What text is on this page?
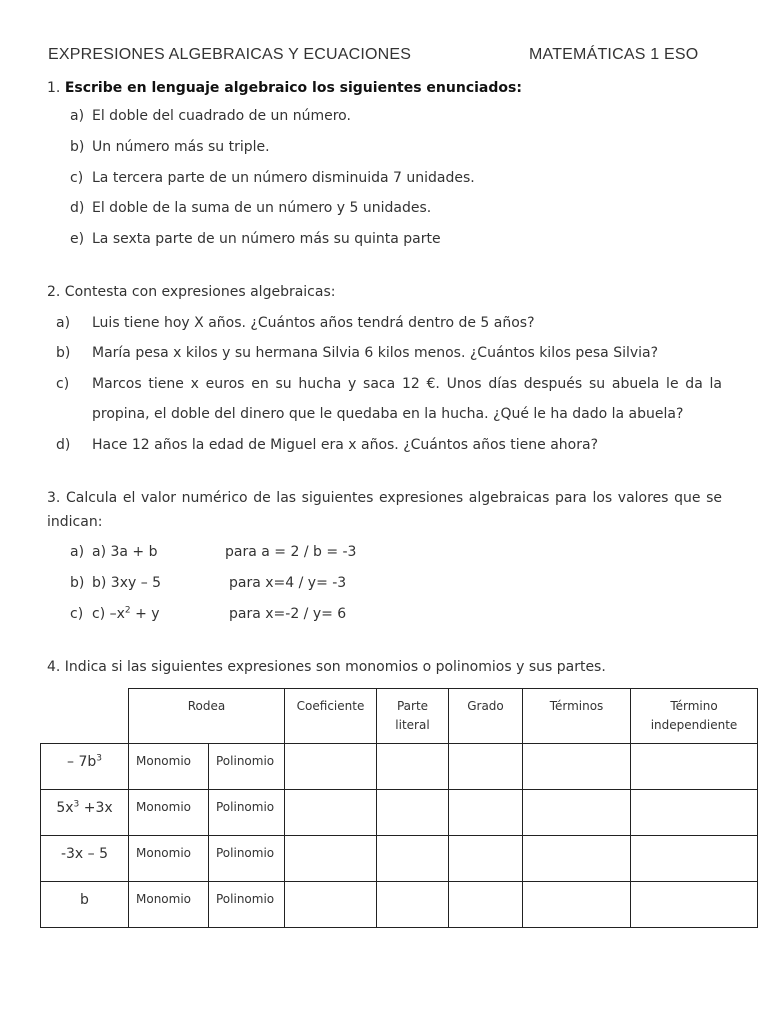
EXPRESIONES ALGEBRAICAS Y ECUACIONES	MATEMÁTICAS 1 ESO
1. Escribe en lenguaje algebraico los siguientes enunciados:
a) El doble del cuadrado de un número.
b) Un número más su triple.
c) La tercera parte de un número disminuida 7 unidades.
d) El doble de la suma de un número y 5 unidades.
e) La sexta parte de un número más su quinta parte
2. Contesta con expresiones algebraicas:
a) Luis tiene hoy X años. ¿Cuántos años tendrá dentro de 5 años?
b) María pesa x kilos y su hermana Silvia 6 kilos menos. ¿Cuántos kilos pesa Silvia?
c)	Marcos tiene x euros en su hucha y saca 12 €. Unos días después su abuela le da la
propina, el doble del dinero que le quedaba en la hucha. ¿Qué le ha dado la abuela?
d) Hace 12 años la edad de Miguel era x años. ¿Cuántos años tiene ahora?
3. Calcula el valor numérico de las siguientes expresiones algebraicas para los valores que se
indican:
a) a) 3a + b	para a = 2 / b = -3
b) b) 3xy – 5	para x=4 / y= -3
c) c) $-x^2 + y$	para x=-2 / y= 6
4. Indica si las siguientes expresiones son monomios o polinomios y sus partes.
	Rodea		Coeficiente	Parte
literal	Grado	Términos	Término
independiente
– $7b^3$	Monomio	Polinomio					
$5x^3 +3x$	Monomio	Polinomio					
-3x – 5	Monomio	Polinomio					
b	Monomio	Polinomio					
